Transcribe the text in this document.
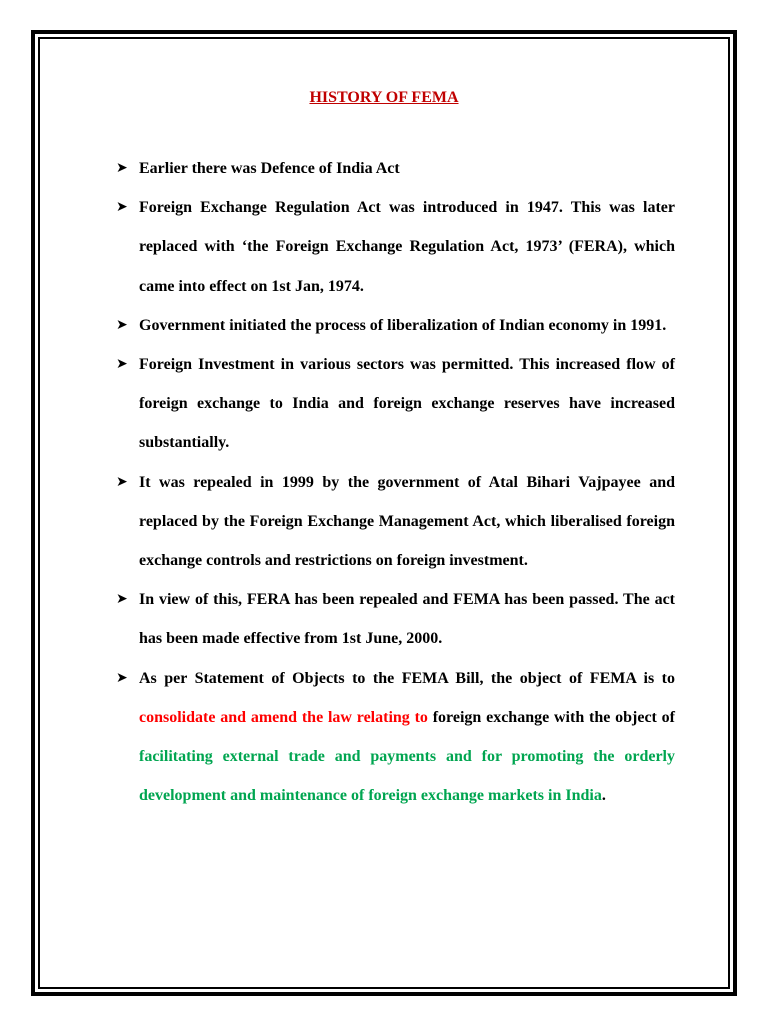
HISTORY OF FEMA
➤ Earlier there was Defence of India Act
➤ Foreign Exchange Regulation Act was introduced in 1947. This was later replaced with ‘the Foreign Exchange Regulation Act, 1973’ (FERA), which came into effect on 1st Jan, 1974.
➤ Government initiated the process of liberalization of Indian economy in 1991.
➤ Foreign Investment in various sectors was permitted. This increased flow of foreign exchange to India and foreign exchange reserves have increased substantially.
➤ It was repealed in 1999 by the government of Atal Bihari Vajpayee and replaced by the Foreign Exchange Management Act, which liberalised foreign exchange controls and restrictions on foreign investment.
➤ In view of this, FERA has been repealed and FEMA has been passed. The act has been made effective from 1st June, 2000.
➤ As per Statement of Objects to the FEMA Bill, the object of FEMA is to consolidate and amend the law relating to foreign exchange with the object of facilitating external trade and payments and for promoting the orderly development and maintenance of foreign exchange markets in India.
